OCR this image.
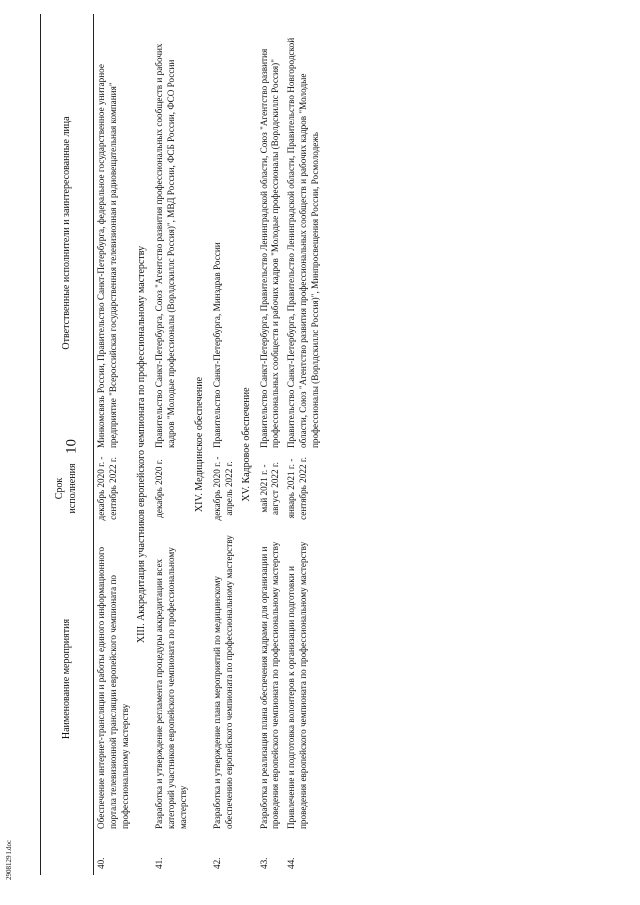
10
2908129 l.doc
	Наименование мероприятия	Срок исполнения	Ответственные исполнители и заинтересованные лица
40.	Обеспечение интернет-трансляции и работы единого информационного портала телевизионной трансляции европейского чемпионата по профессиональному мастерству	декабрь 2020 г. - сентябрь 2022 г.	Минкомсвязь России, Правительство Санкт-Петербурга, федеральное государственное унитарное предприятие "Всероссийская государственная телевизионная и радиовещательная компания"
XIII. Аккредитация участников европейского чемпионата по профессиональному мастерству			
41.	Разработка и утверждение регламента процедуры аккредитации всех категорий участников европейского чемпионата по профессиональному мастерству	декабрь 2020 г.	Правительство Санкт-Петербурга, Союз "Агентство развития профессиональных сообществ и рабочих кадров "Молодые профессионалы (Ворлдскиллс Россия)", МВД России, ФСБ России, ФСО России
XIV. Медицинское обеспечение			
42.	Разработка и утверждение плана мероприятий по медицинскому обеспечению европейского чемпионата по профессиональному мастерству	декабрь 2020 г. - апрель 2022 г.	Правительство Санкт-Петербурга, Минздрав России
XV. Кадровое обеспечение			
43.	Разработка и реализация плана обеспечения кадрами для организации и проведения европейского чемпионата по профессиональному мастерству	май 2021 г. - август 2022 г.	Правительство Санкт-Петербурга, Правительство Ленинградской области, Союз "Агентство развития профессиональных сообществ и рабочих кадров "Молодые профессионалы (Ворлдскиллс Россия)"
44.	Привлечение и подготовка волонтеров к организации подготовки и проведения европейского чемпионата по профессиональному мастерству	январь 2021 г. - сентябрь 2022 г.	Правительство Санкт-Петербурга, Правительство Ленинградской области, Правительство Новгородской области, Союз "Агентство развития профессиональных сообществ и рабочих кадров "Молодые профессионалы (Ворлдскиллс Россия)", Минпросвещения России, Росмолодежь
